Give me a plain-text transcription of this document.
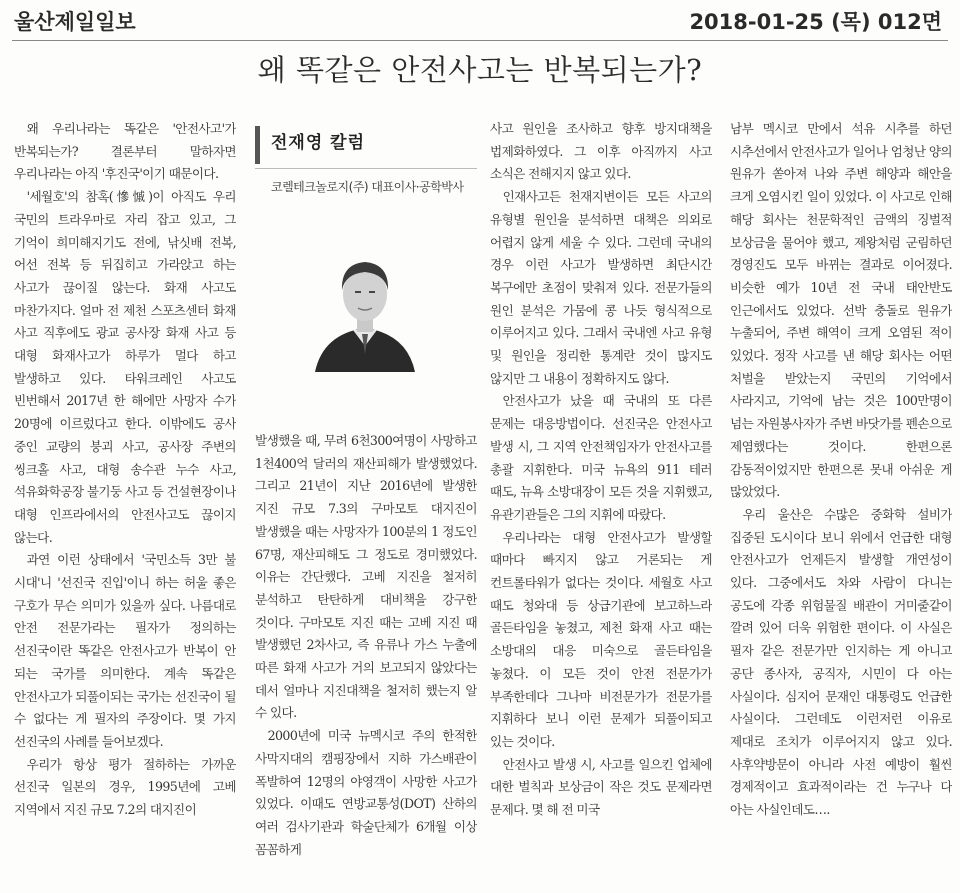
울산제일일보	2018-01-25 (목) 012면
왜 똑같은 안전사고는 반복되는가?

왜 우리나라는 똑같은 '안전사고'가 반복되는가? 결론부터 말하자면 우리나라는 아직 '후진국'이기 때문이다.

'세월호'의 참혹(慘慽)이 아직도 우리 국민의 트라우마로 자리 잡고 있고, 그 기억이 희미해지기도 전에, 낚싯배 전복, 어선 전복 등 뒤집히고 가라앉고 하는 사고가 끊이질 않는다. 화재 사고도 마찬가지다. 얼마 전 제천 스포츠센터 화재 사고 직후에도 광교 공사장 화재 사고 등 대형 화재사고가 하루가 멀다 하고 발생하고 있다. 타워크레인 사고도 빈번해서 2017년 한 해에만 사망자 수가 20명에 이르렀다고 한다. 이밖에도 공사 중인 교량의 붕괴 사고, 공사장 주변의 씽크홀 사고, 대형 송수관 누수 사고, 석유화학공장 불기둥 사고 등 건설현장이나 대형 인프라에서의 안전사고도 끊이지 않는다.

과연 이런 상태에서 '국민소득 3만 불 시대'니 '선진국 진입'이니 하는 허울 좋은 구호가 무슨 의미가 있을까 싶다. 나름대로 안전 전문가라는 필자가 정의하는 선진국이란 똑같은 안전사고가 반복이 안 되는 국가를 의미한다. 계속 똑같은 안전사고가 되풀이되는 국가는 선진국이 될 수 없다는 게 필자의 주장이다. 몇 가지 선진국의 사례를 들어보겠다.

우리가 항상 평가 절하하는 가까운 선진국 일본의 경우, 1995년에 고베 지역에서 지진 규모 7.2의 대지진이

전재영 칼럼
코렐테크놀로지(주) 대표이사·공학박사

발생했을 때, 무려 6천300여명이 사망하고 1천400억 달러의 재산피해가 발생했었다. 그리고 21년이 지난 2016년에 발생한 지진 규모 7.3의 구마모토 대지진이 발생했을 때는 사망자가 100분의 1 정도인 67명, 재산피해도 그 정도로 경미했었다. 이유는 간단했다. 고베 지진을 철저히 분석하고 탄탄하게 대비책을 강구한 것이다. 구마모토 지진 때는 고베 지진 때 발생했던 2차사고, 즉 유류나 가스 누출에 따른 화재 사고가 거의 보고되지 않았다는 데서 얼마나 지진대책을 철저히 했는지 알 수 있다.

2000년에 미국 뉴멕시코 주의 한적한 사막지대의 캠핑장에서 지하 가스배관이 폭발하여 12명의 야영객이 사망한 사고가 있었다. 이때도 연방교통성(DOT) 산하의 여러 검사기관과 학술단체가 6개월 이상 꼼꼼하게

사고 원인을 조사하고 향후 방지대책을 법제화하였다. 그 이후 아직까지 사고 소식은 전해지지 않고 있다.

인재사고든 천재지변이든 모든 사고의 유형별 원인을 분석하면 대책은 의외로 어렵지 않게 세울 수 있다. 그런데 국내의 경우 이런 사고가 발생하면 최단시간 복구에만 초점이 맞춰져 있다. 전문가들의 원인 분석은 가뭄에 콩 나듯 형식적으로 이루어지고 있다. 그래서 국내엔 사고 유형 및 원인을 정리한 통계란 것이 많지도 않지만 그 내용이 정확하지도 않다.

안전사고가 났을 때 국내의 또 다른 문제는 대응방법이다. 선진국은 안전사고 발생 시, 그 지역 안전책임자가 안전사고를 총괄 지휘한다. 미국 뉴욕의 911 테러 때도, 뉴욕 소방대장이 모든 것을 지휘했고, 유관기관들은 그의 지휘에 따랐다.

우리나라는 대형 안전사고가 발생할 때마다 빠지지 않고 거론되는 게 컨트롤타워가 없다는 것이다. 세월호 사고 때도 청와대 등 상급기관에 보고하느라 골든타임을 놓쳤고, 제천 화재 사고 때는 소방대의 대응 미숙으로 골든타임을 놓쳤다. 이 모든 것이 안전 전문가가 부족한데다 그나마 비전문가가 전문가를 지휘하다 보니 이런 문제가 되풀이되고 있는 것이다.

안전사고 발생 시, 사고를 일으킨 업체에 대한 벌칙과 보상금이 작은 것도 문제라면 문제다. 몇 해 전 미국

남부 멕시코 만에서 석유 시추를 하던 시추선에서 안전사고가 일어나 엄청난 양의 원유가 쏟아져 나와 주변 해양과 해안을 크게 오염시킨 일이 있었다. 이 사고로 인해 해당 회사는 천문학적인 금액의 징벌적 보상금을 물어야 했고, 제왕처럼 군림하던 경영진도 모두 바뀌는 결과로 이어졌다. 비슷한 예가 10년 전 국내 태안반도 인근에서도 있었다. 선박 충돌로 원유가 누출되어, 주변 해역이 크게 오염된 적이 있었다. 정작 사고를 낸 해당 회사는 어떤 처벌을 받았는지 국민의 기억에서 사라지고, 기억에 남는 것은 100만명이 넘는 자원봉사자가 주변 바닷가를 펜손으로 제염했다는 것이다. 한편으론 감동적이었지만 한편으론 못내 아쉬운 게 많았었다.

우리 울산은 수많은 중화학 설비가 집중된 도시이다 보니 위에서 언급한 대형 안전사고가 언제든지 발생할 개연성이 있다. 그중에서도 차와 사람이 다니는 공도에 각종 위험물질 배관이 거미줄같이 깔려 있어 더욱 위험한 편이다. 이 사실은 필자 같은 전문가만 인지하는 게 아니고 공단 종사자, 공직자, 시민이 다 아는 사실이다. 심지어 문재인 대통령도 언급한 사실이다. 그런데도 이런저런 이유로 제대로 조치가 이루어지지 않고 있다. 사후약방문이 아니라 사전 예방이 훨씬 경제적이고 효과적이라는 건 누구나 다 아는 사실인데도….
